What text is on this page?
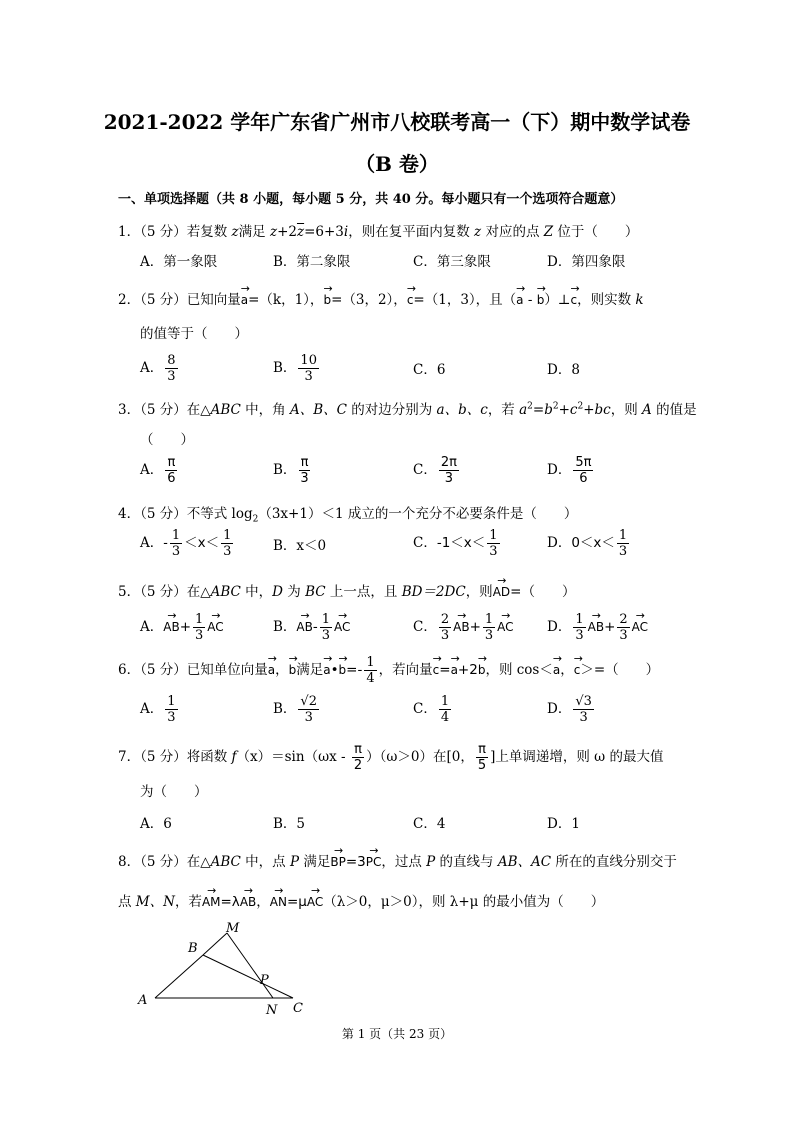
2021-2022 学年广东省广州市八校联考高一（下）期中数学试卷
（B 卷）
一、单项选择题（共 8 小题，每小题 5 分，共 40 分。每小题只有一个选项符合题意）
1．（5 分）若复数 z满足 $z+2\overline{z}=6+3i$，则在复平面内复数 z 对应的点 Z 位于（　　）
A．第一象限	B．第二象限	C．第三象限	D．第四象限
2．（5 分）已知向量→ a=（k，1），→ b=（3，2），→ c=（1，3），且（→ a - → b）⊥→ c，则实数 k
的值等于（　　）
A． $\frac{8}{3}$	B． $\frac{10}{3}$	C．6	D．8
3．（5 分）在△ABC 中，角 A、B、C 的对边分别为 a、b、c，若 $a^2=b^2+c^2+bc$，则 A 的值是
（　　）
A． $\frac{\pi}{6}$	B． $\frac{\pi}{3}$	C． $\frac{2\pi}{3}$	D． $\frac{5\pi}{6}$
4．（5 分）不等式 $\log_2(3x+1)<1$ 成立的一个充分不必要条件是（　　）
A．- $\frac{1}{3} <x< \frac{1}{3}$	B．x＜0	C．$-1<x< \frac{1}{3}$	D．$0<x< \frac{1}{3}$
5．（5 分）在△ABC 中，D 为 BC 上一点，且 BD＝2DC，则→ AD=（　　）
A．→ $AB+ \frac{1}{3}$ → AC	B．→ $AB- \frac{1}{3}$ → AC	C． $\frac{2}{3} \to AB+ \frac{1}{3}$ → AC D． $\frac{1}{3} \to AB+ \frac{2}{3}$ → AC
6．（5 分）已知单位向量→ a，→ b满足→ a•→ $b=- \frac{1}{4}$ ，若向量→ c=→ a+2→ b，则 cos＜→ a，→ c＞=（　　）
A． $\frac{1}{3}$	B． $\frac{√2}{3}$	C． $\frac{1}{4}$	D． $\frac{√3}{3}$
7．（5 分）将函数 $f(x)=\sin(\omega x - \frac{\pi}{2} )(\omega>0)$在[0， $\frac{\pi}{5}$ ]上单调递增，则 ω 的最大值
为（　　）
A．6	B．5	C．4	D．1
8．（5 分）在△ABC 中，点 P 满足→ BP=3→ PC，过点 P 的直线与 AB、AC 所在的直线分别交于
点 M、N，若→ AM=λ→ AB，→ AN=μ→ AC（λ＞0，μ＞0），则 λ+μ 的最小值为（　　）
A
B
C
M
N
P
第 1 页（共 23 页）
